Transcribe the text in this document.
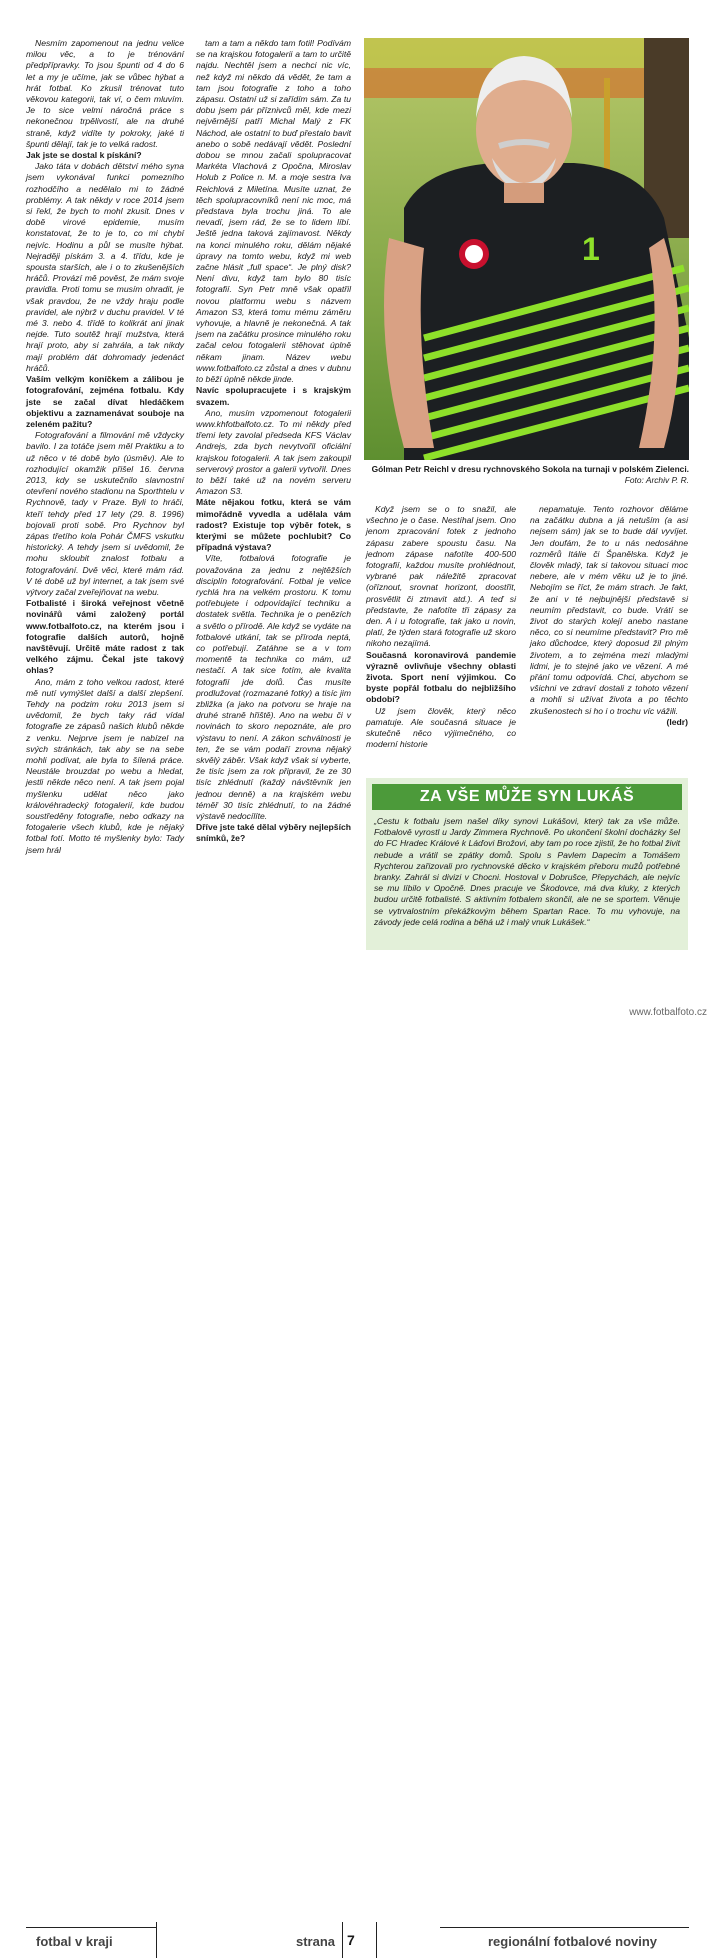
Nesmím zapomenout na jednu velice milou věc, a to je trénování předpřípravky. To jsou špunti od 4 do 6 let a my je učíme, jak se vůbec hýbat a hrát fotbal. Ko zkusil trénovat tuto věkovou kategorii, tak ví, o čem mluvím. Je to sice velmi náročná práce s nekonečnou trpělivostí, ale na druhé straně, když vidíte ty pokroky, jaké ti špunti dělají, tak je to velká radost.

Jak jste se dostal k pískání?

Jako táta v dobách dětství mého syna jsem vykonával funkci pomezního rozhodčího a nedělalo mi to žádné problémy. A tak někdy v roce 2014 jsem si řekl, že bych to mohl zkusit. Dnes v době virové epidemie, musím konstatovat, že to je to, co mi chybí nejvíc. Hodinu a půl se musíte hýbat. Nejraději pískám 3. a 4. třídu, kde je spousta starších, ale i o to zkušenějších hráčů. Provází mě pověst, že mám svoje pravidla. Proti tomu se musím ohradit, je však pravdou, že ne vždy hraju podle pravidel, ale nýbrž v duchu pravidel. V té mé 3. nebo 4. třídě to kolikrát ani jinak nejde. Tuto soutěž hrají mužstva, která hrají proto, aby si zahrála, a tak nikdy mají problém dát dohromady jedenáct hráčů.

Vaším velkým koníčkem a zálibou je fotografování, zejména fotbalu. Kdy jste se začal dívat hledáčkem objektivu a zaznamenávat souboje na zeleném pažitu?

Fotografování a filmování mě vždycky bavilo. I za totáče jsem měl Praktiku a to už něco v té době bylo (úsměv). Ale to rozhodující okamžik přišel 16. června 2013, kdy se uskutečnilo slavnostní otevření nového stadionu na Sporthtelu v Rychnově, tady v Praze. Byli to hráči, kteří tehdy před 17 lety (29. 8. 1996) bojovali proti sobě. Pro Rychnov byl zápas třetího kola Pohár ČMFS vskutku historický. A tehdy jsem si uvědomil, že mohu skloubit znalost fotbalu a fotografování. Dvě věci, které mám rád. V té době už byl internet, a tak jsem své výtvory začal zveřejňovat na webu.

Fotbalisté i široká veřejnost včetně novinářů vámi založený portál www.fotbalfoto.cz, na kterém jsou i fotografie dalších autorů, hojně navštěvují. Určitě máte radost z tak velkého zájmu. Čekal jste takový ohlas?

Ano, mám z toho velkou radost, které mě nutí vymýšlet další a další zlepšení. Tehdy na podzim roku 2013 jsem si uvědomil, že bych taky rád vídal fotografie ze zápasů našich klubů někde z venku. Nejprve jsem je nabízel na svých stránkách, tak aby se na sebe mohli podívat, ale byla to šílená práce. Neustále brouzdat po webu a hledat, jestli někde něco není. A tak jsem pojal myšlenku udělat něco jako královéhradecký fotogalerií, kde budou soustředěny fotografie, nebo odkazy na fotogalerie všech klubů, kde je nějaký fotbal fotí. Motto té myšlenky bylo: Tady jsem hrál

tam a tam a někdo tam fotil! Podívám se na krajskou fotogalerii a tam to určitě najdu. Nechtěl jsem a nechci nic víc, než když mi někdo dá vědět, že tam a tam jsou fotografie z toho a toho zápasu. Ostatní už si zařídím sám. Za tu dobu jsem pár příznivců měl, kde mezi nejvěrnější patří Michal Malý z FK Náchod, ale ostatní to buď přestalo bavit anebo o sobě nedávají vědět. Poslední dobou se mnou začali spolupracovat Markéta Vlachová z Opočna, Miroslav Holub z Police n. M. a moje sestra Iva Reichlová z Miletína. Musíte uznat, že těch spolupracovníků není nic moc, má představa byla trochu jiná. To ale nevadí, jsem rád, že se to lidem líbí. Ještě jedna taková zajímavost. Někdy na konci minulého roku, dělám nějaké úpravy na tomto webu, když mi web začne hlásit „full space“. Je plný disk? Není divu, když tam bylo 80 tisíc fotografií. Syn Petr mně však opatřil novou platformu webu s názvem Amazon S3, která tomu mému záměru vyhovuje, a hlavně je nekonečná. A tak jsem na začátku prosince minulého roku začal celou fotogalerii stěhovat úplně někam jinam. Název webu www.fotbalfoto.cz zůstal a dnes v dubnu to běží úplně někde jinde.

Navíc spolupracujete i s krajským svazem.

Ano, musím vzpomenout fotogalerii www.khfotbalfoto.cz. To mi někdy před třemi lety zavolal předseda KFS Václav Andrejs, zda bych nevytvořil oficiální krajskou fotogalerii. A tak jsem zakoupil serverový prostor a galerii vytvořil. Dnes to běží také už na novém serveru Amazon S3.

Máte nějakou fotku, která se vám mimořádně vyvedla a udělala vám radost? Existuje top výběr fotek, s kterými se můžete pochlubit? Co případná výstava?

Víte, fotbalová fotografie je považována za jednu z nejtěžších disciplín fotografování. Fotbal je velice rychlá hra na velkém prostoru. K tomu potřebujete i odpovídající techniku a dostatek světla. Technika je o penězích a světlo o přírodě. Ale když se vydáte na fotbalové utkání, tak se příroda neptá, co potřebují. Zatáhne se a v tom momentě ta technika co mám, už nestačí. A tak sice fotím, ale kvalita fotografií jde dolů. Čas musíte prodlužovat (rozmazané fotky) a tisíc jim zbližka (a jako na potvoru se hraje na druhé straně hřiště). Ano na webu či v novinách to skoro nepoznáte, ale pro výstavu to není. A zákon schválnosti je ten, že se vám podaří zrovna nějaký skvělý záběr. Však když však si vyberte, že tisíc jsem za rok připravil, že ze 30 tisíc zhlédnutí (každý návštěvník jen jednou denně) a na krajském webu téměř 30 tisíc zhlédnutí, to na žádné výstavě nedocílíte.

Dříve jste také dělal výběry nejlepších snímků, že?

1
Gólman Petr Reichl v dresu rychnovského Sokola na turnaji v polském Zielenci.
Foto: Archiv P. R.

Když jsem se o to snažil, ale všechno je o čase. Nestíhal jsem. Ono jenom zpracování fotek z jednoho zápasu zabere spoustu času. Na jednom zápase nafotíte 400-500 fotografií, každou musíte prohlédnout, vybrané pak náležitě zpracovat (oříznout, srovnat horizont, doostřit, prosvětlit či ztmavit atd.). A teď si představte, že nafotíte tři zápasy za den. A i u fotografie, tak jako u novin, platí, že týden stará fotografie už skoro nikoho nezajímá.

Současná koronavirová pandemie výrazně ovlivňuje všechny oblasti života. Sport není výjimkou. Co byste popřál fotbalu do nejbližšího období?

Už jsem člověk, který něco pamatuje. Ale současná situace je skutečně něco výjimečného, co moderní historie

nepamatuje. Tento rozhovor děláme na začátku dubna a já netuším (a asi nejsem sám) jak se to bude dál vyvíjet. Jen doufám, že to u nás nedosáhne rozměrů Itálie či Španělska. Když je člověk mladý, tak si takovou situaci moc nebere, ale v mém věku už je to jiné. Nebojím se říct, že mám strach. Je fakt, že ani v té nejbujnější představě si neumím představit, co bude. Vrátí se život do starých kolejí anebo nastane něco, co si neumíme představit? Pro mě jako důchodce, který doposud žil plným životem, a to zejména mezi mladými lidmi, je to stejné jako ve vězení. A mé přání tomu odpovídá. Chci, abychom se všichni ve zdraví dostali z tohoto vězení a mohli si užívat života a po těchto zkušenostech si ho i o trochu víc vážili.

(ledr)

ZA VŠE MŮŽE SYN LUKÁŠ
„Cestu k fotbalu jsem našel díky synovi Lukášovi, který tak za vše může. Fotbalově vyrostl u Jardy Zimmera Rychnově. Po ukončení školní docházky šel do FC Hradec Králové k Láďovi Brožovi, aby tam po roce zjistil, že ho fotbal živit nebude a vrátil se zpátky domů. Spolu s Pavlem Dapecim a Tomášem Rychterou zařizovali pro rychnovské děcko v krajském přeboru mužů potřebné branky. Zahrál si divizi v Chocni. Hostoval v Dobrušce, Přepychách, ale nejvíc se mu líbilo v Opočně. Dnes pracuje ve Škodovce, má dva kluky, z kterých budou určitě fotbalisté. S aktivním fotbalem skončil, ale ne se sportem. Věnuje se vytrvalostním překážkovým během Spartan Race. To mu vyhovuje, na závody jede celá rodina a běhá už i malý vnuk Lukášek.“
fotbal v kraji	strana 7	regionální fotbalové noviny
www.fotbalfoto.cz
